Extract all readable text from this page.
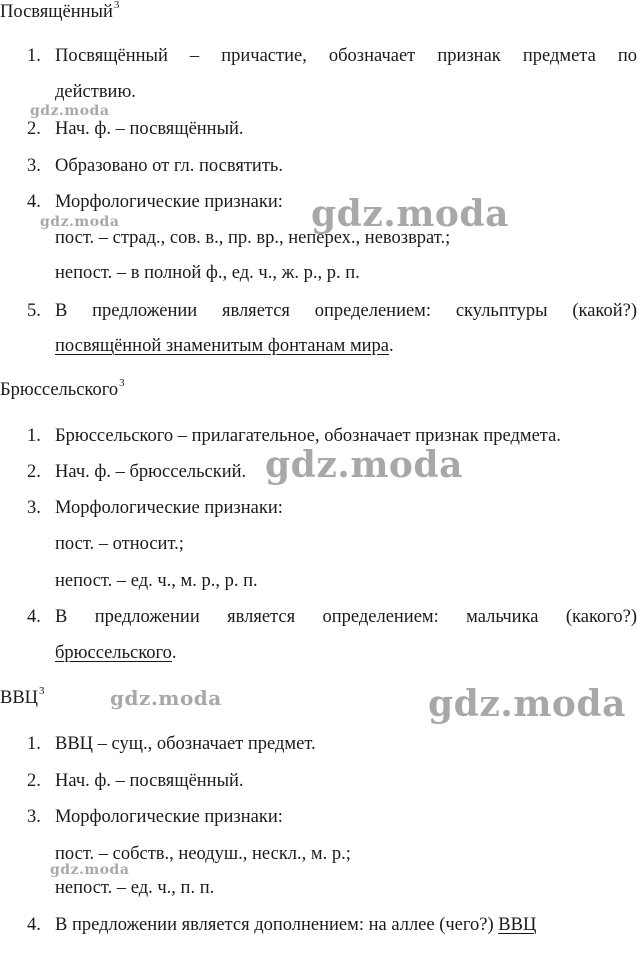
Посвящённый$^3$
1. Посвящённый – причастие, обозначает признак предмета по
действию.
2. Нач. ф. – посвящённый.
3. Образовано от гл. посвятить.
4. Морфологические признаки:
пост. – страд., сов. в., пр. вр., неперех., невозврат.;
непост. – в полной ф., ед. ч., ж. р., р. п.
5. В предложении является определением: скульптуры (какой?)
посвящённой знаменитым фонтанам мира.
Брюссельского$^3$
1. Брюссельского – прилагательное, обозначает признак предмета.
2. Нач. ф. – брюссельский.
3. Морфологические признаки:
пост. – относит.;
непост. – ед. ч., м. р., р. п.
4. В предложении является определением: мальчика (какого?)
брюссельского.
ВВЦ$^3$
1. ВВЦ – сущ., обозначает предмет.
2. Нач. ф. – посвящённый.
3. Морфологические признаки:
пост. – собств., неодуш., нескл., м. р.;
непост. – ед. ч., п. п.
4. В предложении является дополнением: на аллее (чего?) ВВЦ
gdz.moda
gdz.moda	gdz.moda
gdz.moda
gdz.moda	gdz.moda
gdz.moda
